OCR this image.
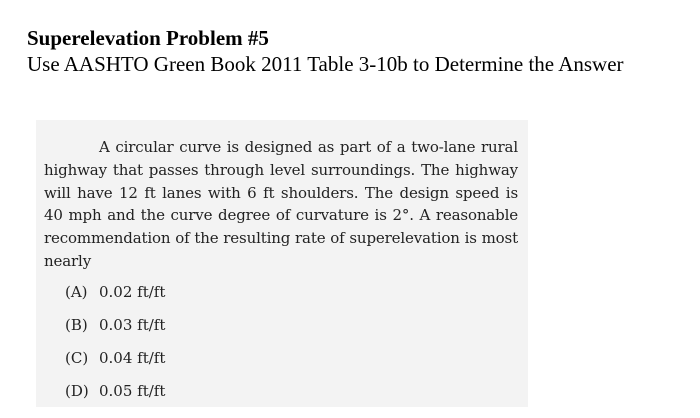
Superelevation Problem #5
Use AASHTO Green Book 2011 Table 3-10b to Determine the Answer

A circular curve is designed as part of a two-lane rural highway that passes through level surroundings. The highway will have 12 ft lanes with 6 ft shoulders. The design speed is 40 mph and the curve degree of curvature is 2°. A reasonable recommendation of the resulting rate of superelevation is most nearly

(A) 0.02 ft/ft
(B) 0.03 ft/ft
(C) 0.04 ft/ft
(D) 0.05 ft/ft
